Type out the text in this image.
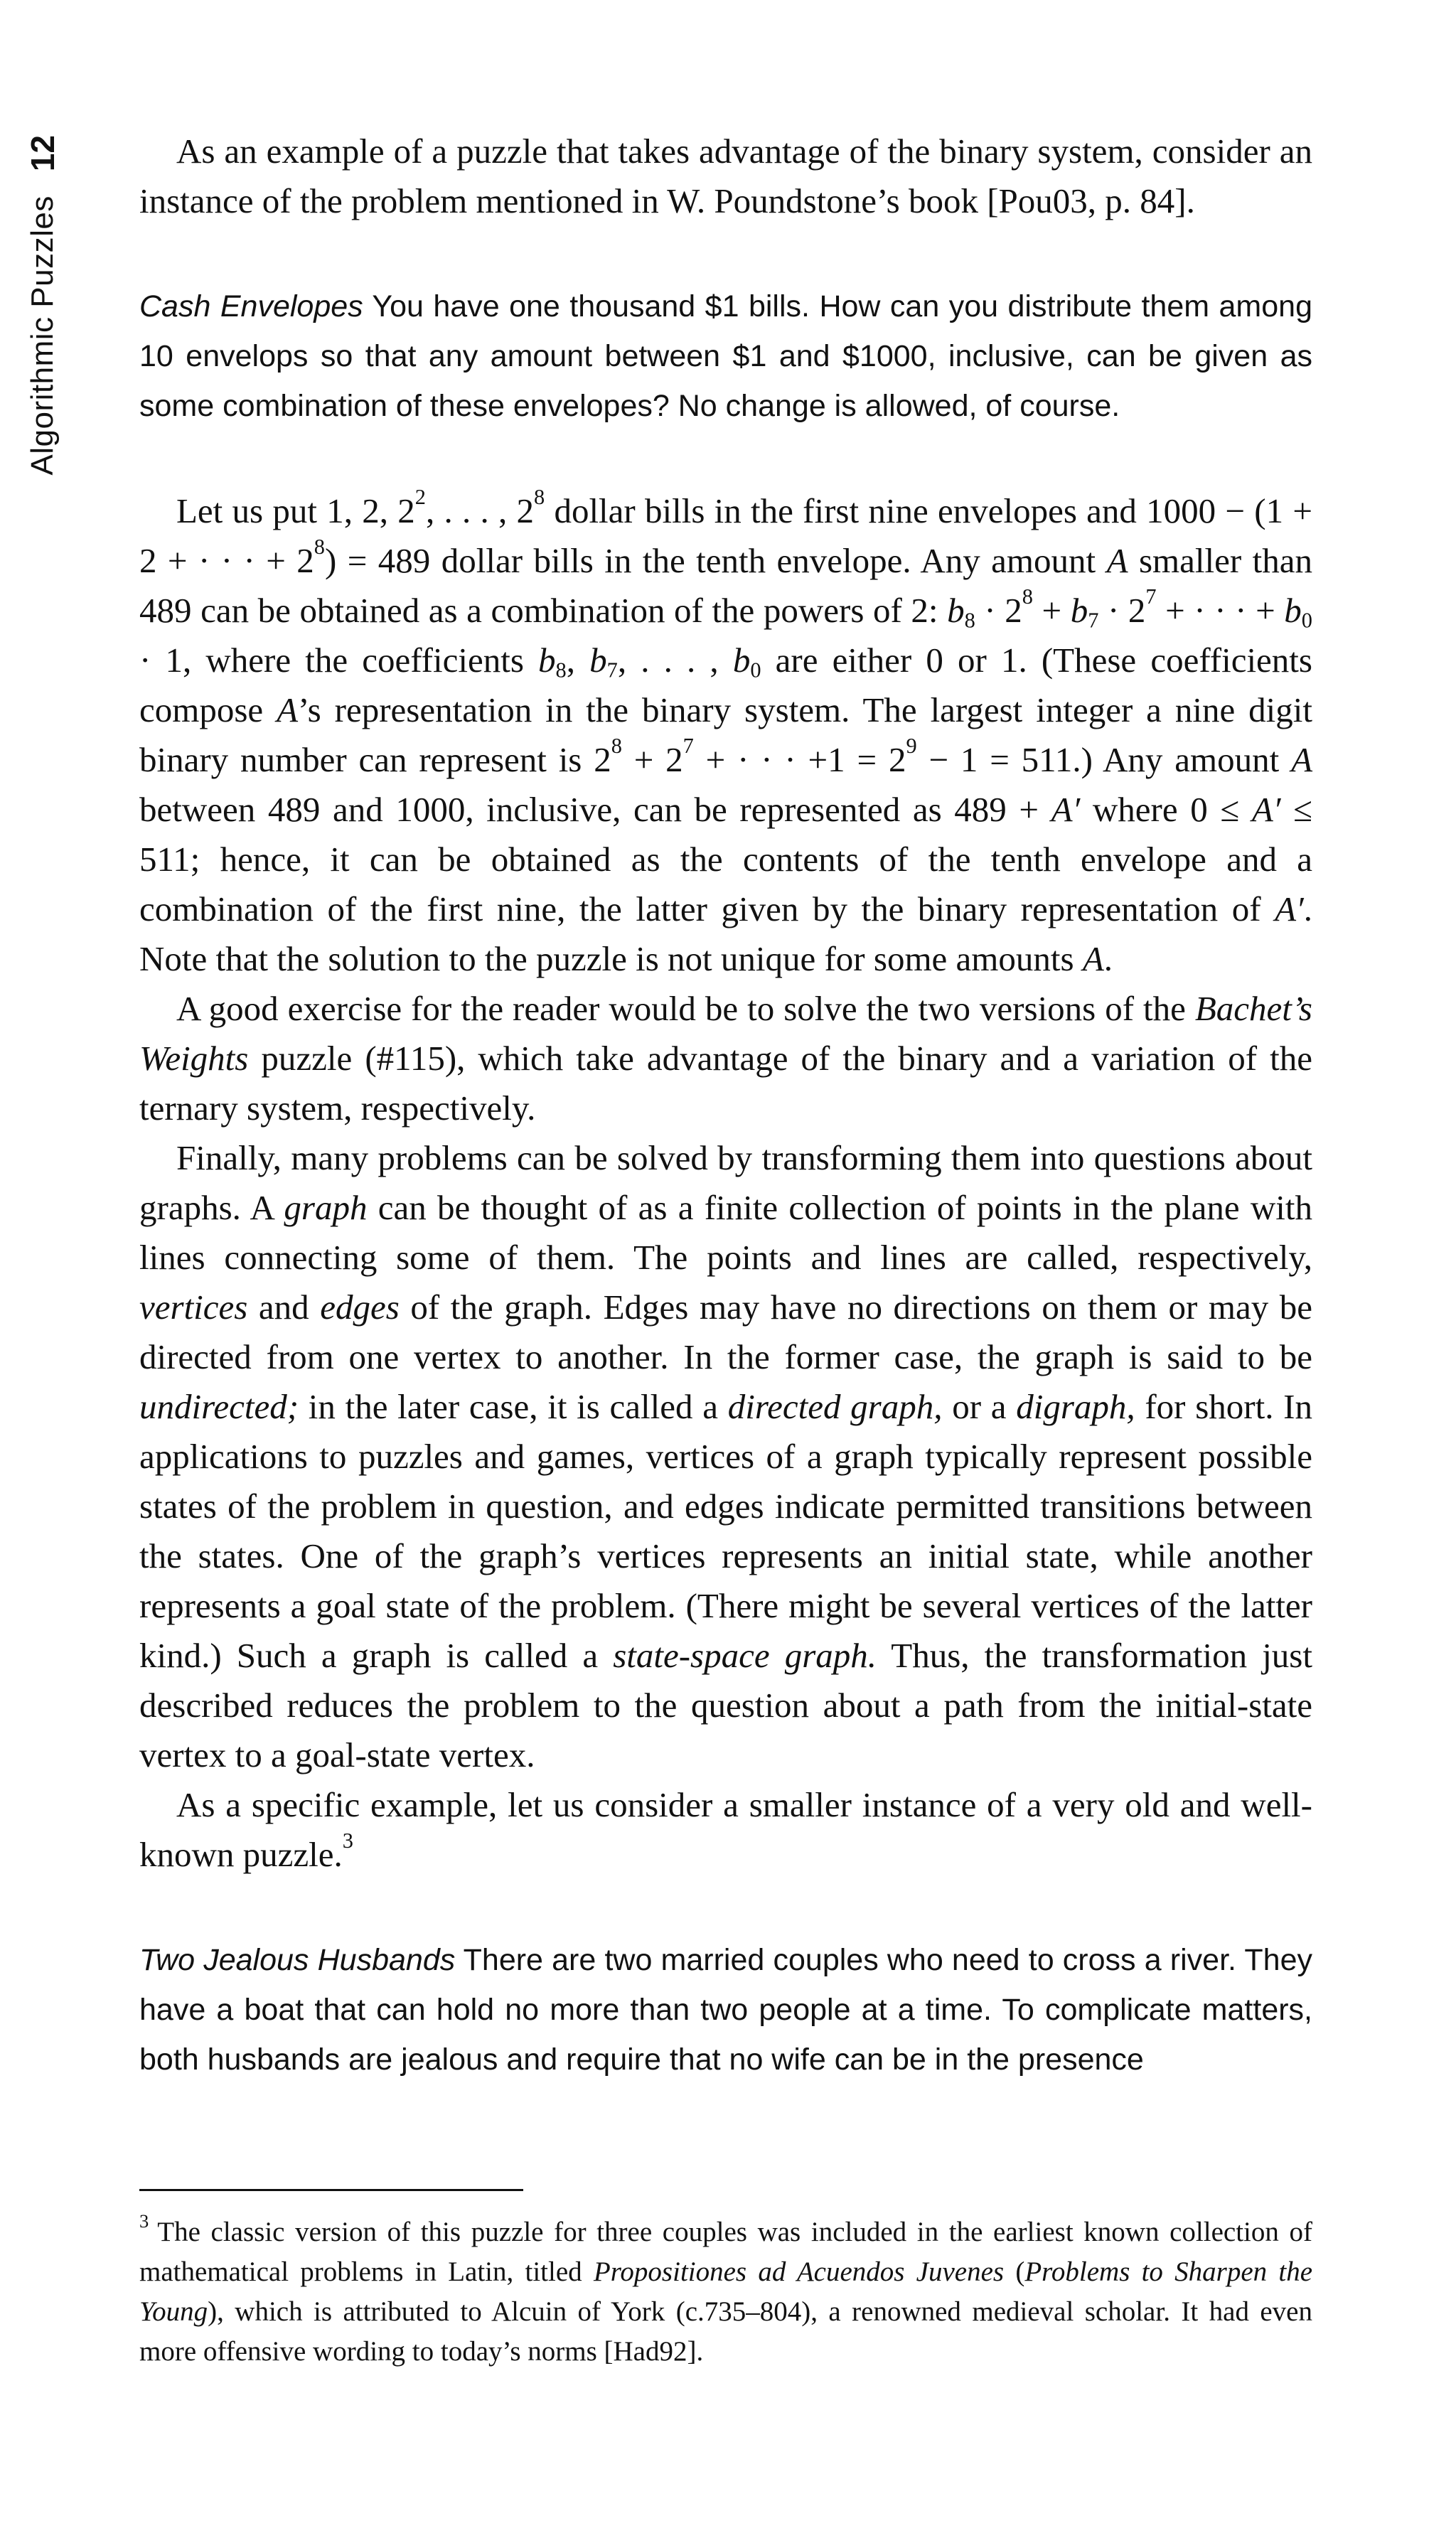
12
Algorithmic Puzzles

As an example of a puzzle that takes advantage of the binary system, consider an instance of the problem mentioned in W. Poundstone’s book [Pou03, p. 84].

Cash Envelopes You have one thousand $1 bills. How can you distribute them among 10 envelops so that any amount between $1 and $1000, inclusive, can be given as some combination of these envelopes? No change is allowed, of course.

Let us put 1, 2, $2^2$, . . . , $2^8$ dollar bills in the first nine envelopes and 1000 − (1 + 2 + · · · + $2^8) = 489$ dollar bills in the tenth envelope. Any amount A smaller than 489 can be obtained as a combination of the powers of 2: $b_8 \cdot 2^8 + b_7 \cdot 2^7$ + · · · + $b_0 \cdot 1$, where the coefficients $b_8$, $b_7$, . . . , $b_0$ are either 0 or 1. (These coefficients compose A’s representation in the binary system. The largest integer a nine digit binary number can represent is $2^8 + 2^7$ + · · · $+1 = 2^9 - 1 = 511$.) Any amount A between 489 and 1000, inclusive, can be represented as 489 + A′ where 0 ≤ A′ ≤ 511; hence, it can be obtained as the contents of the tenth envelope and a combination of the first nine, the latter given by the binary representation of A′. Note that the solution to the puzzle is not unique for some amounts A.

A good exercise for the reader would be to solve the two versions of the Bachet’s Weights puzzle (#115), which take advantage of the binary and a variation of the ternary system, respectively.

Finally, many problems can be solved by transforming them into questions about graphs. A graph can be thought of as a finite collection of points in the plane with lines connecting some of them. The points and lines are called, respectively, vertices and edges of the graph. Edges may have no directions on them or may be directed from one vertex to another. In the former case, the graph is said to be undirected; in the later case, it is called a directed graph, or a digraph, for short. In applications to puzzles and games, vertices of a graph typically represent possible states of the problem in question, and edges indicate permitted transitions between the states. One of the graph’s vertices represents an initial state, while another represents a goal state of the problem. (There might be several vertices of the latter kind.) Such a graph is called a state-space graph. Thus, the transformation just described reduces the problem to the question about a path from the initial-state vertex to a goal-state vertex.

As a specific example, let us consider a smaller instance of a very old and well-known puzzle.$^3$

Two Jealous Husbands There are two married couples who need to cross a river. They have a boat that can hold no more than two people at a time. To complicate matters, both husbands are jealous and require that no wife can be in the presence

$^3$ The classic version of this puzzle for three couples was included in the earliest known collection of mathematical problems in Latin, titled Propositiones ad Acuendos Juvenes (Problems to Sharpen the Young), which is attributed to Alcuin of York (c.735–804), a renowned medieval scholar. It had even more offensive wording to today’s norms [Had92].
